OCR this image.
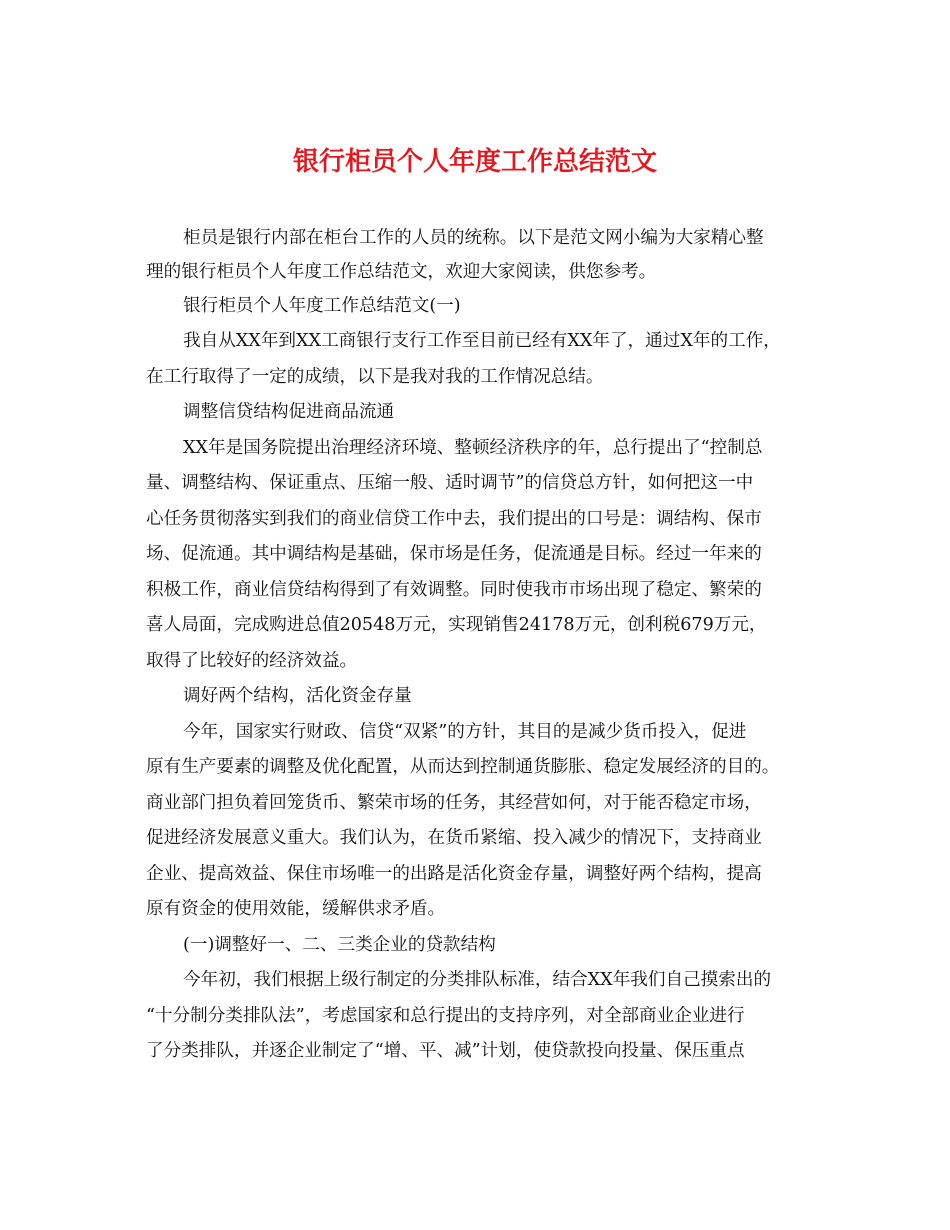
银行柜员个人年度工作总结范文

柜员是银行内部在柜台工作的人员的统称。以下是范文网小编为大家精心整

理的银行柜员个人年度工作总结范文，欢迎大家阅读，供您参考。

银行柜员个人年度工作总结范文(一)

我自从XX年到XX工商银行支行工作至目前已经有XX年了，通过X年的工作，

在工行取得了一定的成绩，以下是我对我的工作情况总结。

调整信贷结构促进商品流通

XX年是国务院提出治理经济环境、整顿经济秩序的年，总行提出了“控制总

量、调整结构、保证重点、压缩一般、适时调节”的信贷总方针，如何把这一中

心任务贯彻落实到我们的商业信贷工作中去，我们提出的口号是：调结构、保市

场、促流通。其中调结构是基础，保市场是任务，促流通是目标。经过一年来的

积极工作，商业信贷结构得到了有效调整。同时使我市市场出现了稳定、繁荣的

喜人局面，完成购进总值20548万元，实现销售24178万元，创利税679万元，

取得了比较好的经济效益。

调好两个结构，活化资金存量

今年，国家实行财政、信贷“双紧”的方针，其目的是减少货币投入，促进

原有生产要素的调整及优化配置，从而达到控制通货膨胀、稳定发展经济的目的。

商业部门担负着回笼货币、繁荣市场的任务，其经营如何，对于能否稳定市场，

促进经济发展意义重大。我们认为，在货币紧缩、投入减少的情况下，支持商业

企业、提高效益、保住市场唯一的出路是活化资金存量，调整好两个结构，提高

原有资金的使用效能，缓解供求矛盾。

(一)调整好一、二、三类企业的贷款结构

今年初，我们根据上级行制定的分类排队标准，结合XX年我们自己摸索出的

“十分制分类排队法”，考虑国家和总行提出的支持序列，对全部商业企业进行

了分类排队，并逐企业制定了“增、平、减”计划，使贷款投向投量、保压重点
